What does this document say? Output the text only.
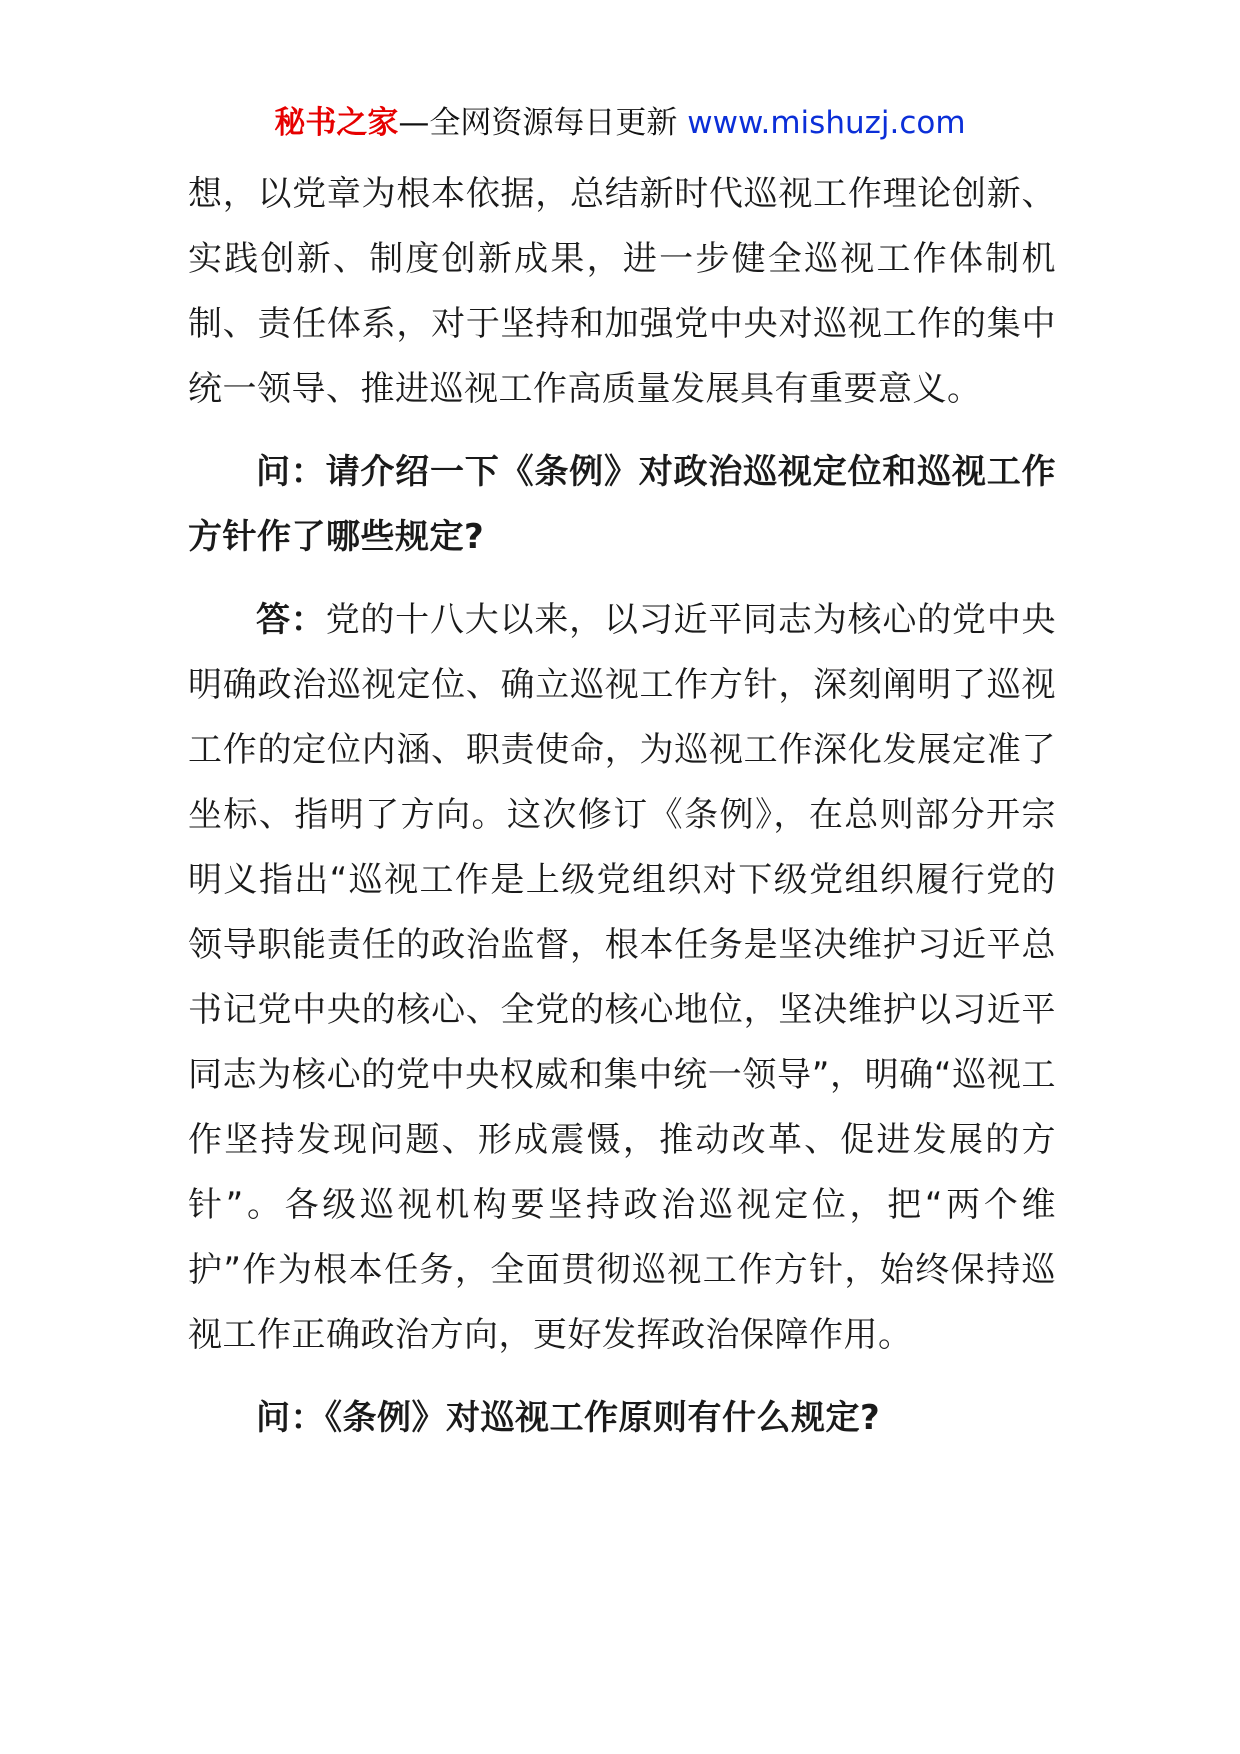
秘书之家—全网资源每日更新 www.mishuzj.com

想，以党章为根本依据，总结新时代巡视工作理论创新、实践创新、制度创新成果，进一步健全巡视工作体制机制、责任体系，对于坚持和加强党中央对巡视工作的集中统一领导、推进巡视工作高质量发展具有重要意义。

问：请介绍一下《条例》对政治巡视定位和巡视工作方针作了哪些规定?

答：党的十八大以来，以习近平同志为核心的党中央明确政治巡视定位、确立巡视工作方针，深刻阐明了巡视工作的定位内涵、职责使命，为巡视工作深化发展定准了坐标、指明了方向。这次修订《条例》，在总则部分开宗明义指出“巡视工作是上级党组织对下级党组织履行党的领导职能责任的政治监督，根本任务是坚决维护习近平总书记党中央的核心、全党的核心地位，坚决维护以习近平同志为核心的党中央权威和集中统一领导”，明确“巡视工作坚持发现问题、形成震慑，推动改革、促进发展的方针”。各级巡视机构要坚持政治巡视定位，把“两个维护”作为根本任务，全面贯彻巡视工作方针，始终保持巡视工作正确政治方向，更好发挥政治保障作用。

问：《条例》对巡视工作原则有什么规定?
